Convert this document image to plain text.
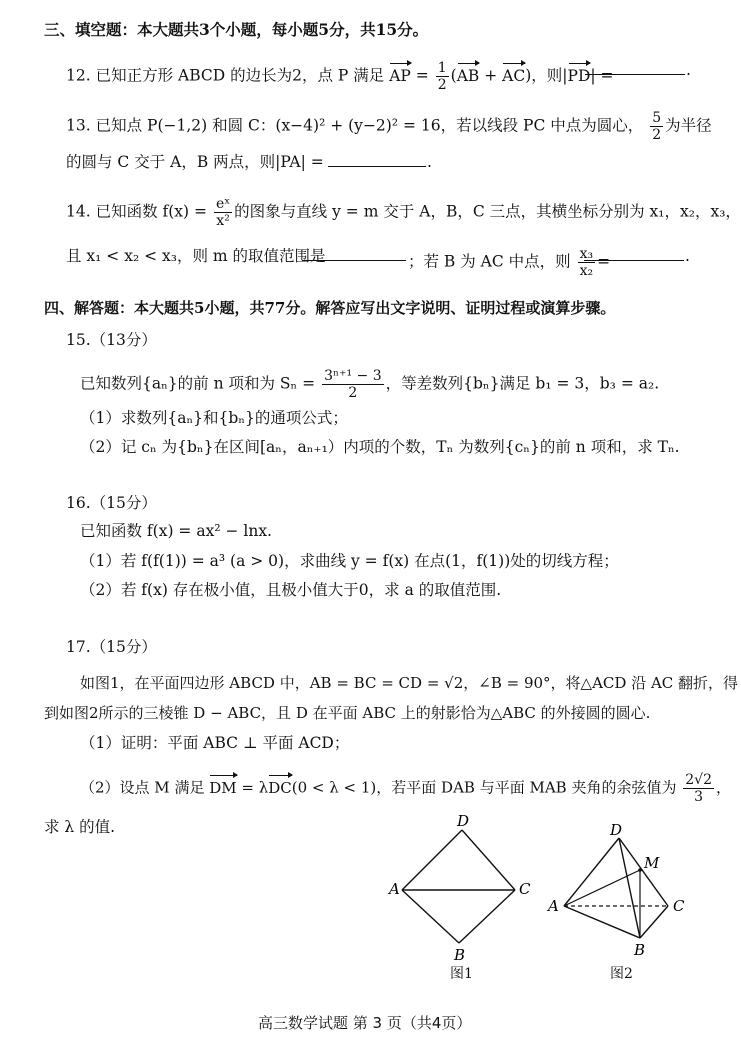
三、填空题：本大题共3个小题，每小题5分，共15分。
12. 已知正方形 ABCD 的边长为2，点 P 满足 AP = $\frac{1}{2} (AB + AC)$，则|PD| =	.
13. 已知点 P(−1,2) 和圆 C：(x−4)² + (y−2)² = 16，若以线段 PC 中点为圆心， $\frac{5}{2}$ 为半径
的圆与 C 交于 A，B 两点，则|PA| =	.
14. 已知函数 $f(x) = \frac{\text{eˣ}}{\text{x²}}$ 的图象与直线 y = m 交于 A，B，C 三点，其横坐标分别为 x₁，x₂，x₃，
且 x₁ < x₂ < x₃，则 m 的取值范围是	；若 B 为 AC 中点，则 $\frac{\text{x₃}}{\text{x₂}}$ =	.
四、解答题：本大题共5小题，共77分。解答应写出文字说明、证明过程或演算步骤。
15.（13分）
已知数列{aₙ}的前 n 项和为 $S_n = \frac{\text{3ⁿ⁺¹ − 3}}{2}$ ，等差数列{bₙ}满足 b₁ = 3，b₃ = a₂.
（1）求数列{aₙ}和{bₙ}的通项公式；
（2）记 cₙ 为{bₙ}在区间[aₙ，aₙ₊₁）内项的个数，Tₙ 为数列{cₙ}的前 n 项和，求 Tₙ.
16.（15分）
已知函数 f(x) = ax² − lnx.
（1）若 f(f(1)) = a³ (a > 0)，求曲线 y = f(x) 在点(1，f(1))处的切线方程；
（2）若 f(x) 存在极小值，且极小值大于0，求 a 的取值范围.
17.（15分）
如图1，在平面四边形 ABCD 中，AB = BC = CD = √2，∠B = 90°，将△ACD 沿 AC 翻折，得
到如图2所示的三棱锥 D − ABC，且 D 在平面 ABC 上的射影恰为△ABC 的外接圆的圆心.
（1）证明：平面 ABC ⊥ 平面 ACD；
（2）设点 M 满足 DM = λDC(0 < λ < 1)，若平面 DAB 与平面 MAB 夹角的余弦值为 $\frac{2√2}{3}$ ，
求 λ 的值.	D
A	C
B
图1
D
M
A	C
B
图2
高三数学试题 第 3 页（共4页）
